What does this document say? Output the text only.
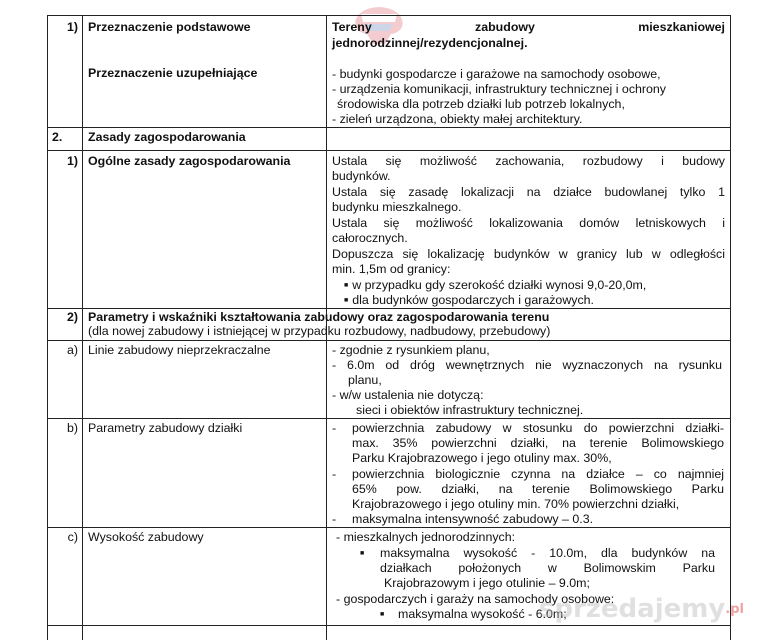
1) Przeznaczenie podstawowe	Tereny zabudowy mieszkaniowej
jednorodzinnej/rezydencjonalnej.
Przeznaczenie uzupełniające	- budynki gospodarcze i garażowe na samochody osobowe,
- urządzenia komunikacji, infrastruktury technicznej i ochrony
środowiska dla potrzeb działki lub potrzeb lokalnych,
- zieleń urządzona, obiekty małej architektury.
2. Zasady zagospodarowania
1) Ogólne zasady zagospodarowania	Ustala się możliwość zachowania, rozbudowy i budowy
budynków.
Ustala się zasadę lokalizacji na działce budowlanej tylko 1
budynku mieszkalnego.
Ustala się możliwość lokalizowania domów letniskowych i
całorocznych.
Dopuszcza się lokalizację budynków w granicy lub w odległości
min. 1,5m od granicy:
■ w przypadku gdy szerokość działki wynosi 9,0-20,0m,
■ dla budynków gospodarczych i garażowych.
2) Parametry i wskaźniki kształtowania zabudowy oraz zagospodarowania terenu
(dla nowej zabudowy i istniejącej w przypadku rozbudowy, nadbudowy, przebudowy)
a) Linie zabudowy nieprzekraczalne	- zgodnie z rysunkiem planu,
- 6.0m od dróg wewnętrznych nie wyznaczonych na rysunku
planu,
- w/w ustalenia nie dotyczą:
sieci i obiektów infrastruktury technicznej.
b) Parametry zabudowy działki	- powierzchnia zabudowy w stosunku do powierzchni działki-
max. 35% powierzchni działki, na terenie Bolimowskiego
Parku Krajobrazowego i jego otuliny max. 30%,
- powierzchnia biologicznie czynna na działce – co najmniej
65% pow. działki, na terenie Bolimowskiego Parku
Krajobrazowego i jego otuliny min. 70% powierzchni działki,
- maksymalna intensywność zabudowy – 0.3.
c) Wysokość zabudowy	- mieszkalnych jednorodzinnych:
■	maksymalna wysokość - 10.0m, dla budynków na
działkach położonych w Bolimowskim Parku
Krajobrazowym i jego otulinie – 9.0m;
- gospodarczych i garaży na samochody osobowe:
■	maksymalna wysokość - 6.0m;
sprzedajemy$^{.pl}$
